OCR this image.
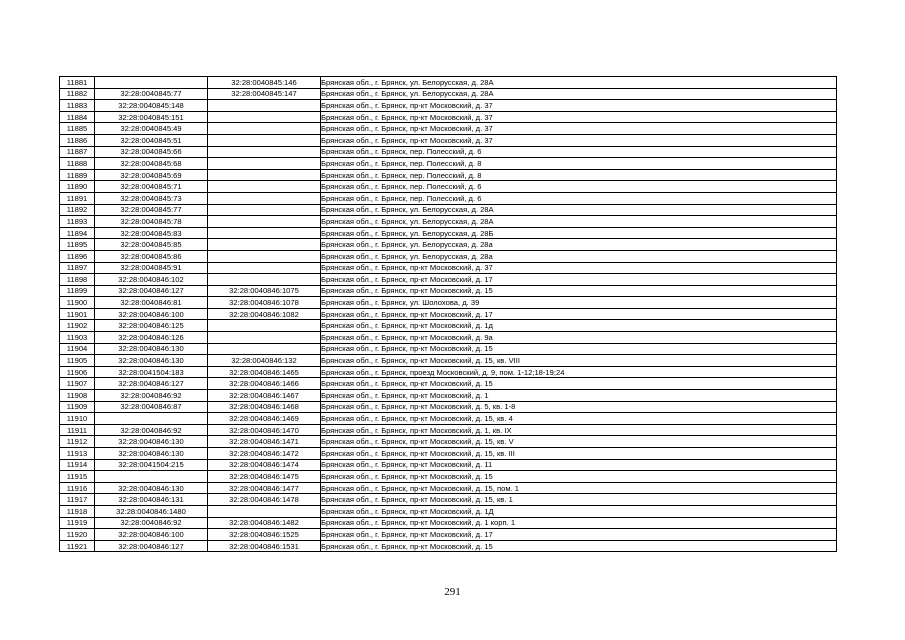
11881		32:28:0040845:146	Брянская обл., г. Брянск, ул. Белорусская, д. 28А
11882	32:28:0040845:77	32:28:0040845:147	Брянская обл., г. Брянск, ул. Белорусская, д. 28А
11883	32:28:0040845:148		Брянская обл., г. Брянск, пр-кт Московский, д. 37
11884	32:28:0040845:151		Брянская обл., г. Брянск, пр-кт Московский, д. 37
11885	32:28:0040845:49		Брянская обл., г. Брянск, пр-кт Московский, д. 37
11886	32:28:0040845:51		Брянская обл., г. Брянск, пр-кт Московский, д. 37
11887	32:28:0040845:66		Брянская обл., г. Брянск, пер. Полесский, д. 6
11888	32:28:0040845:68		Брянская обл., г. Брянск, пер. Полесский, д. 8
11889	32:28:0040845:69		Брянская обл., г. Брянск, пер. Полесский, д. 8
11890	32:28:0040845:71		Брянская обл., г. Брянск, пер. Полесский, д. 6
11891	32:28:0040845:73		Брянская обл., г. Брянск, пер. Полесский, д. 6
11892	32:28:0040845:77		Брянская обл., г. Брянск, ул. Белорусская, д. 28А
11893	32:28:0040845:78		Брянская обл., г. Брянск, ул. Белорусская, д. 28А
11894	32:28:0040845:83		Брянская обл., г. Брянск, ул. Белорусская, д. 28Б
11895	32:28:0040845:85		Брянская обл., г. Брянск, ул. Белорусская, д. 28а
11896	32:28:0040845:86		Брянская обл., г. Брянск, ул. Белорусская, д. 28а
11897	32:28:0040845:91		Брянская обл., г. Брянск, пр-кт Московский, д. 37
11898	32:28:0040846:102		Брянская обл., г. Брянск, пр-кт Московский, д. 17
11899	32:28:0040846:127	32:28:0040846:1075	Брянская обл., г. Брянск, пр-кт Московский, д. 15
11900	32:28:0040846:81	32:28:0040846:1078	Брянская обл., г. Брянск, ул. Шолохова, д. 39
11901	32:28:0040846:100	32:28:0040846:1082	Брянская обл., г. Брянск, пр-кт Московский, д. 17
11902	32:28:0040846:125		Брянская обл., г. Брянск, пр-кт Московский, д. 1д
11903	32:28:0040846:126		Брянская обл., г. Брянск, пр-кт Московский, д. 9а
11904	32:28:0040846:130		Брянская обл., г. Брянск, пр-кт Московский, д. 15
11905	32:28:0040846:130	32:28:0040846:132	Брянская обл., г. Брянск, пр-кт Московский, д. 15, кв. VIII
11906	32:28:0041504:183	32:28:0040846:1465	Брянская обл., г. Брянск, проезд Московский, д. 9, пом. 1-12;18-19;24
11907	32:28:0040846:127	32:28:0040846:1466	Брянская обл., г. Брянск, пр-кт Московский, д. 15
11908	32:28:0040846:92	32:28:0040846:1467	Брянская обл., г. Брянск, пр-кт Московский, д. 1
11909	32:28:0040846:87	32:28:0040846:1468	Брянская обл., г. Брянск, пр-кт Московский, д. 5, кв. 1-8
11910		32:28:0040846:1469	Брянская обл., г. Брянск, пр-кт Московский, д. 15, кв. 4
11911	32:28:0040846:92	32:28:0040846:1470	Брянская обл., г. Брянск, пр-кт Московский, д. 1, кв. IX
11912	32:28:0040846:130	32:28:0040846:1471	Брянская обл., г. Брянск, пр-кт Московский, д. 15, кв. V
11913	32:28:0040846:130	32:28:0040846:1472	Брянская обл., г. Брянск, пр-кт Московский, д. 15, кв. III
11914	32:28:0041504:215	32:28:0040846:1474	Брянская обл., г. Брянск, пр-кт Московский, д. 11
11915		32:28:0040846:1475	Брянская обл., г. Брянск, пр-кт Московский, д. 15
11916	32:28:0040846:130	32:28:0040846:1477	Брянская обл., г. Брянск, пр-кт Московский, д. 15, пом. 1
11917	32:28:0040846:131	32:28:0040846:1478	Брянская обл., г. Брянск, пр-кт Московский, д. 15, кв. 1
11918	32:28:0040846:1480		Брянская обл., г. Брянск, пр-кт Московский, д. 1Д
11919	32:28:0040846:92	32:28:0040846:1482	Брянская обл., г. Брянск, пр-кт Московский, д. 1 корп. 1
11920	32:28:0040846:100	32:28:0040846:1525	Брянская обл., г. Брянск, пр-кт Московский, д. 17
11921	32:28:0040846:127	32:28:0040846:1531	Брянская обл., г. Брянск, пр-кт Московский, д. 15
291
